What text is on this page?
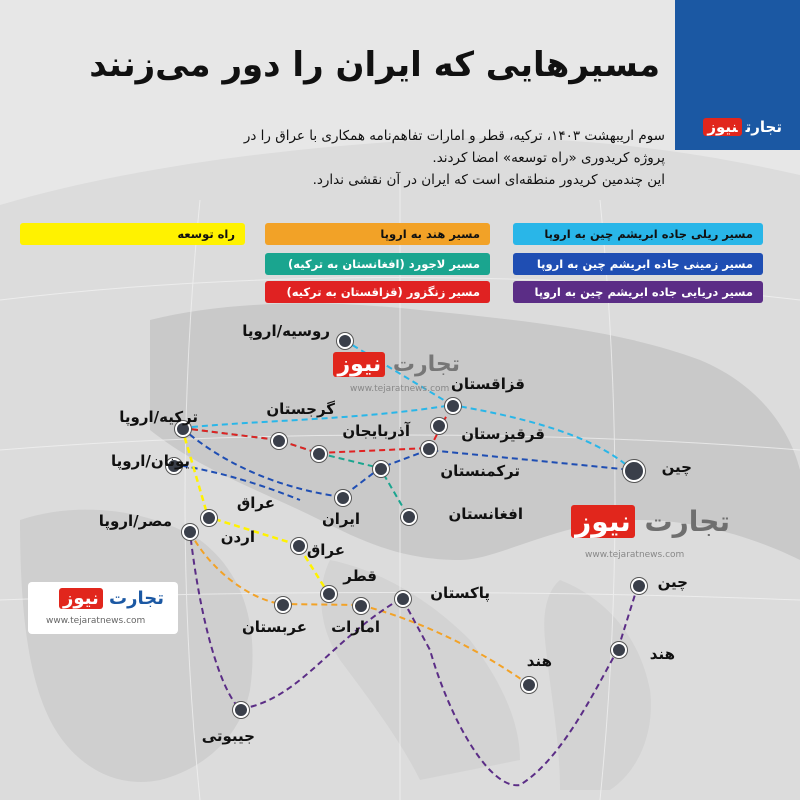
تجارتنیوز
مسیرهایی که ایران را دور می‌زنند
سوم اریبهشت ۱۴۰۳، ترکیه، قطر و امارات تفاهم‌نامه همکاری با عراق را در
پروژه کریدوری «راه توسعه» امضا کردند.
این چندمین کریدور منطقه‌ای است که ایران در آن نقشی ندارد.
مسیر ریلی جاده ابریشم چین به اروپا
مسیر هند به اروپا
راه توسعه
مسیر زمینی جاده ابریشم چین به اروپا
مسیر لاجورد (افغانستان به ترکیه)
مسیر دریایی جاده ابریشم چین به اروپا
مسیر زنگزور (قزاقستان به ترکیه)
تجارت نیوز
www.tejaratnews.com
تجارت نیوز
www.tejaratnews.com
تجارت نیوز
www.tejaratnews.com
روسیه/اروپا
قزاقستان
گرجستان
ترکیه/اروپا
آذربایجان	قرقیزستان
یونان/اروپا
ترکمنستان	چین
عراق
افغانستان
ایران
مصر/اروپا
اردن
عراق
قطر
پاکستان
چین
عربستان امارات
هند
هند
جیبوتی
